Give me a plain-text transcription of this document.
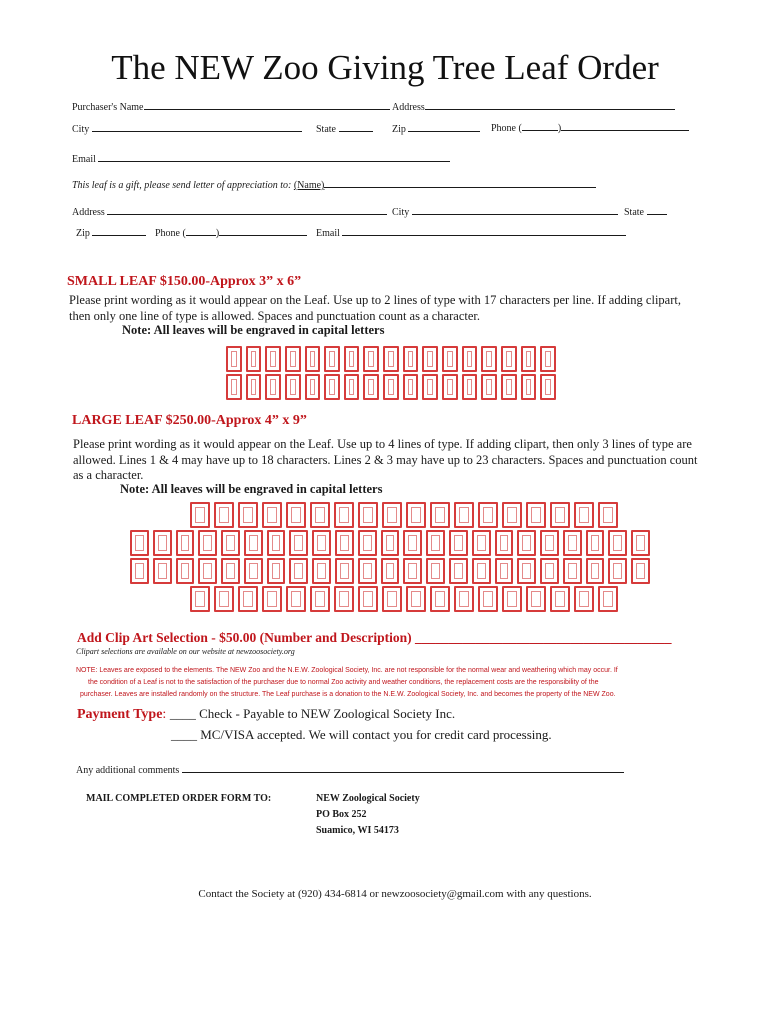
The NEW Zoo Giving Tree Leaf Order
Purchaser's Name	Address
City	State	Zip	Phone (	)
Email
This leaf is a gift, please send letter of appreciation to: (Name)
Address	City	State
Zip	Phone (	)	Email
SMALL LEAF $150.00-Approx 3” x 6”
Please print wording as it would appear on the Leaf. Use up to 2 lines of type with 17 characters per line. If adding clipart,
then only one line of type is allowed. Spaces and punctuation count as a character.
Note: All leaves will be engraved in capital letters
LARGE LEAF $250.00-Approx 4” x 9”
Please print wording as it would appear on the Leaf. Use up to 4 lines of type. If adding clipart, then only 3 lines of type are
allowed. Lines 1 & 4 may have up to 18 characters. Lines 2 & 3 may have up to 23 characters. Spaces and punctuation count
as a character.
Note: All leaves will be engraved in capital letters
Add Clip Art Selection - $50.00 (Number and Description) ______________________________________
Clipart selections are available on our website at newzoosociety.org
NOTE: Leaves are exposed to the elements. The NEW Zoo and the N.E.W. Zoological Society, Inc. are not responsible for the normal wear and weathering which may occur. If
the condition of a Leaf is not to the satisfaction of the purchaser due to normal Zoo activity and weather conditions, the replacement costs are the responsibility of the
purchaser. Leaves are installed randomly on the structure. The Leaf purchase is a donation to the N.E.W. Zoological Society, Inc. and becomes the property of the NEW Zoo.
Payment Type: ____ Check - Payable to NEW Zoological Society Inc.
____ MC/VISA accepted. We will contact you for credit card processing.
Any additional comments
MAIL COMPLETED ORDER FORM TO:	NEW Zoological Society
PO Box 252
Suamico, WI 54173
Contact the Society at (920) 434-6814 or newzoosociety@gmail.com with any questions.
